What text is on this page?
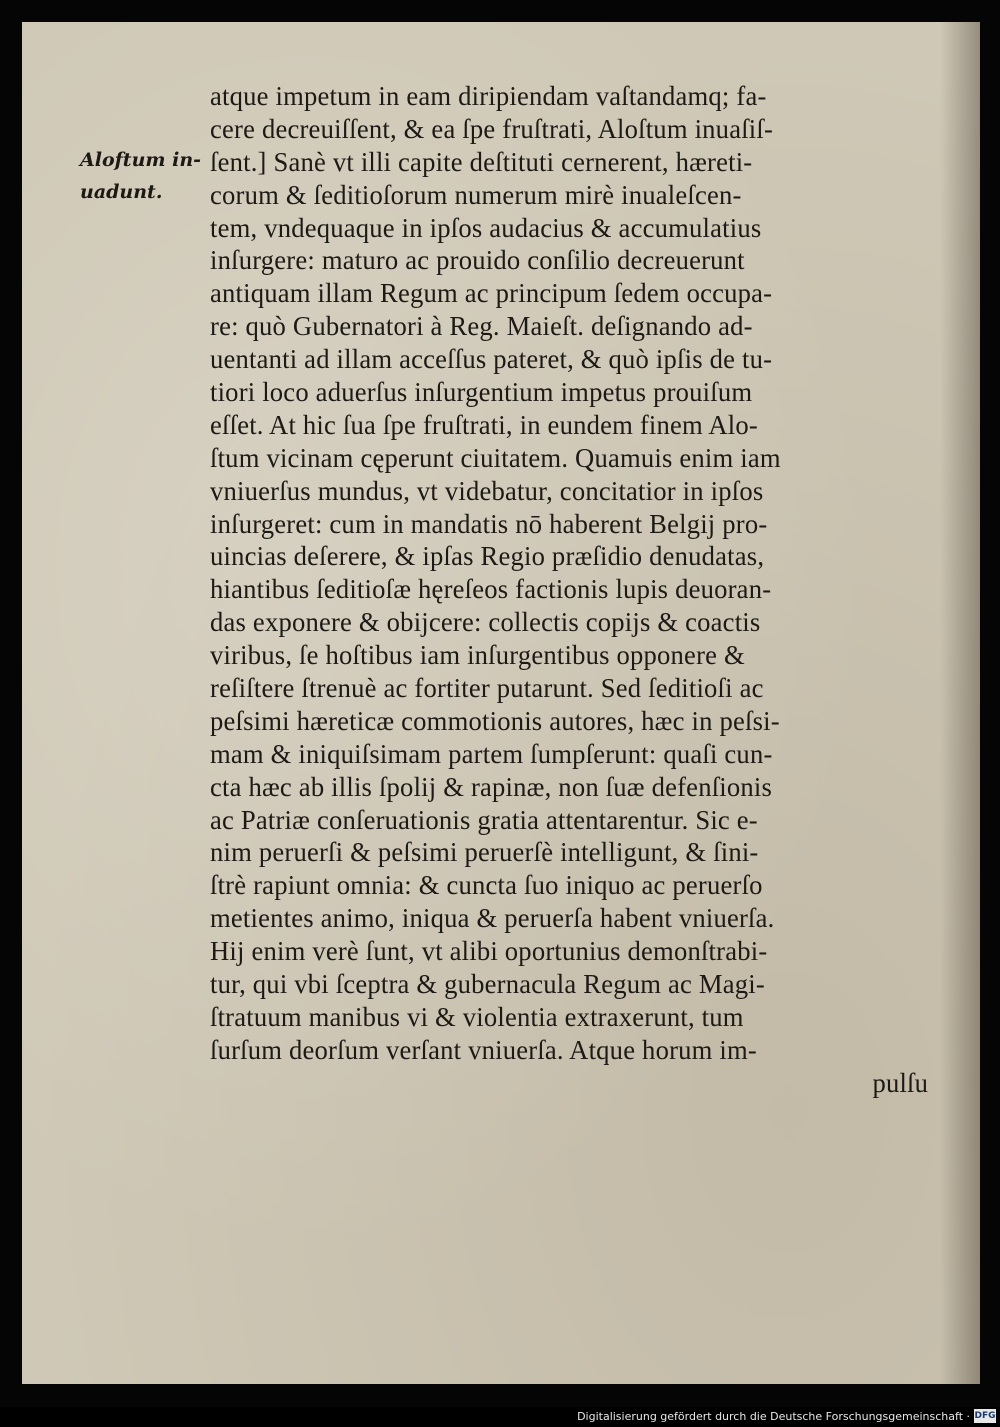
Aloftum in-
uadunt.
atque impetum in eam diripiendam vaſtandamq; fa-
cere decreuiſſent, & ea ſpe fruſtrati, Aloſtum inuaſiſ-
ſent.] Sanè vt illi capite deſtituti cernerent, hæreti-
corum & ſeditioſorum numerum mirè inualeſcen-
tem, vndequaque in ipſos audacius & accumulatius
inſurgere: maturo ac prouido conſilio decreuerunt
antiquam illam Regum ac principum ſedem occupa-
re: quò Gubernatori à Reg. Maieſt. deſignando ad-
uentanti ad illam acceſſus pateret, & quò ipſis de tu-
tiori loco aduerſus inſurgentium impetus prouiſum
eſſet. At hic ſua ſpe fruſtrati, in eundem finem Alo-
ſtum vicinam cęperunt ciuitatem. Quamuis enim iam
vniuerſus mundus, vt videbatur, concitatior in ipſos
inſurgeret: cum in mandatis nō haberent Belgij pro-
uincias deſerere, & ipſas Regio præſidio denudatas,
hiantibus ſeditioſæ hęreſeos factionis lupis deuoran-
das exponere & obijcere: collectis copijs & coactis
viribus, ſe hoſtibus iam inſurgentibus opponere &
reſiſtere ſtrenuè ac fortiter putarunt. Sed ſeditioſi ac
peſsimi hæreticæ commotionis autores, hæc in peſsi-
mam & iniquiſsimam partem ſumpſerunt: quaſi cun-
cta hæc ab illis ſpolij & rapinæ, non ſuæ defenſionis
ac Patriæ conſeruationis gratia attentarentur. Sic e-
nim peruerſi & peſsimi peruerſè intelligunt, & ſini-
ſtrè rapiunt omnia: & cuncta ſuo iniquo ac peruerſo
metientes animo, iniqua & peruerſa habent vniuerſa.
Hij enim verè ſunt, vt alibi oportunius demonſtrabi-
tur, qui vbi ſceptra & gubernacula Regum ac Magi-
ſtratuum manibus vi & violentia extraxerunt, tum
ſurſum deorſum verſant vniuerſa. Atque horum im-
pulſu
Digitalisierung gefördert durch die Deutsche Forschungsgemeinschaft · DFG
